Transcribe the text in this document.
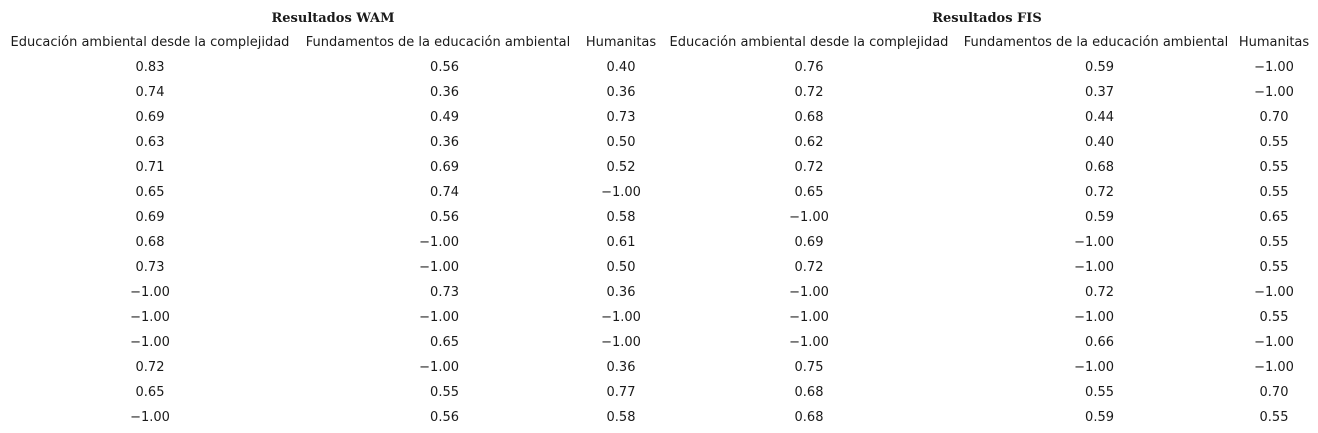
Resultados WAM			Resultados FIS		
Educación ambiental desde la complejidad	Fundamentos de la educación ambiental	Humanitas	Educación ambiental desde la complejidad	Fundamentos de la educación ambiental	Humanitas
0.83	0.56	0.40	0.76	0.59	−1.00
0.74	0.36	0.36	0.72	0.37	−1.00
0.69	0.49	0.73	0.68	0.44	0.70
0.63	0.36	0.50	0.62	0.40	0.55
0.71	0.69	0.52	0.72	0.68	0.55
0.65	0.74	−1.00	0.65	0.72	0.55
0.69	0.56	0.58	−1.00	0.59	0.65
0.68	−1.00	0.61	0.69	−1.00	0.55
0.73	−1.00	0.50	0.72	−1.00	0.55
−1.00	0.73	0.36	−1.00	0.72	−1.00
−1.00	−1.00	−1.00	−1.00	−1.00	0.55
−1.00	0.65	−1.00	−1.00	0.66	−1.00
0.72	−1.00	0.36	0.75	−1.00	−1.00
0.65	0.55	0.77	0.68	0.55	0.70
−1.00	0.56	0.58	0.68	0.59	0.55
